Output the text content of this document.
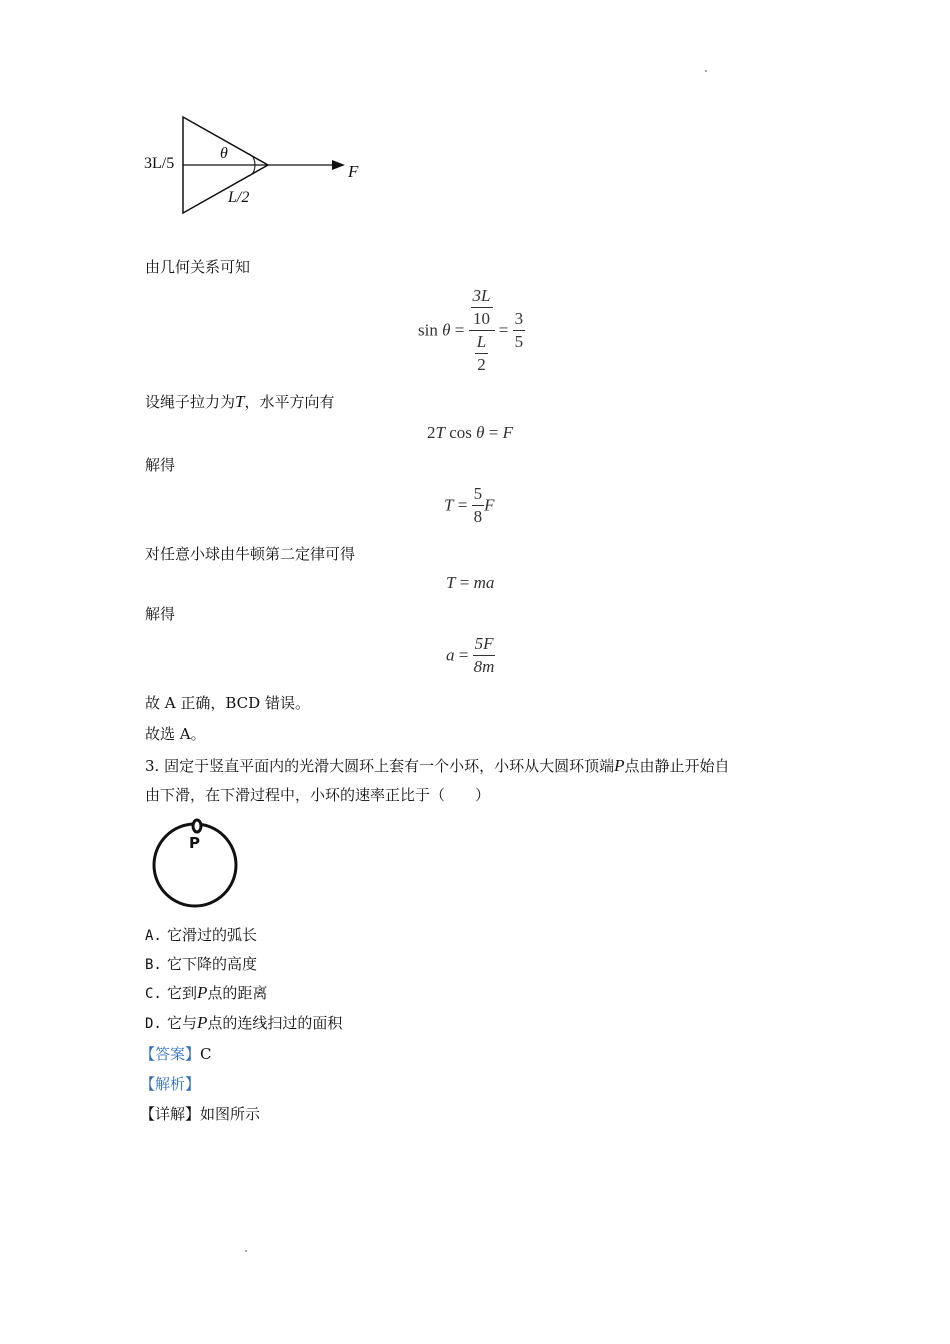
3L/5
θ
L/2
F
由几何关系可知
$\sin \theta = \frac{\frac{3L}{10}}{\frac{L}{2}} = \frac{3}{5}$
设绳子拉力为T，水平方向有
2T cos θ = F
解得
$T = \frac{5}{8}$ F
对任意小球由牛顿第二定律可得
T = ma
解得
$a = \frac{5F}{8m}$
故 A 正确，BCD 错误。
故选 A。
3. 固定于竖直平面内的光滑大圆环上套有一个小环，小环从大圆环顶端P点由静止开始自
由下滑，在下滑过程中，小环的速率正比于（　　）
P
A. 它滑过的弧长
B. 它下降的高度
C. 它到P点的距离
D. 它与P点的连线扫过的面积
【答案】C
【解析】
【详解】如图所示
